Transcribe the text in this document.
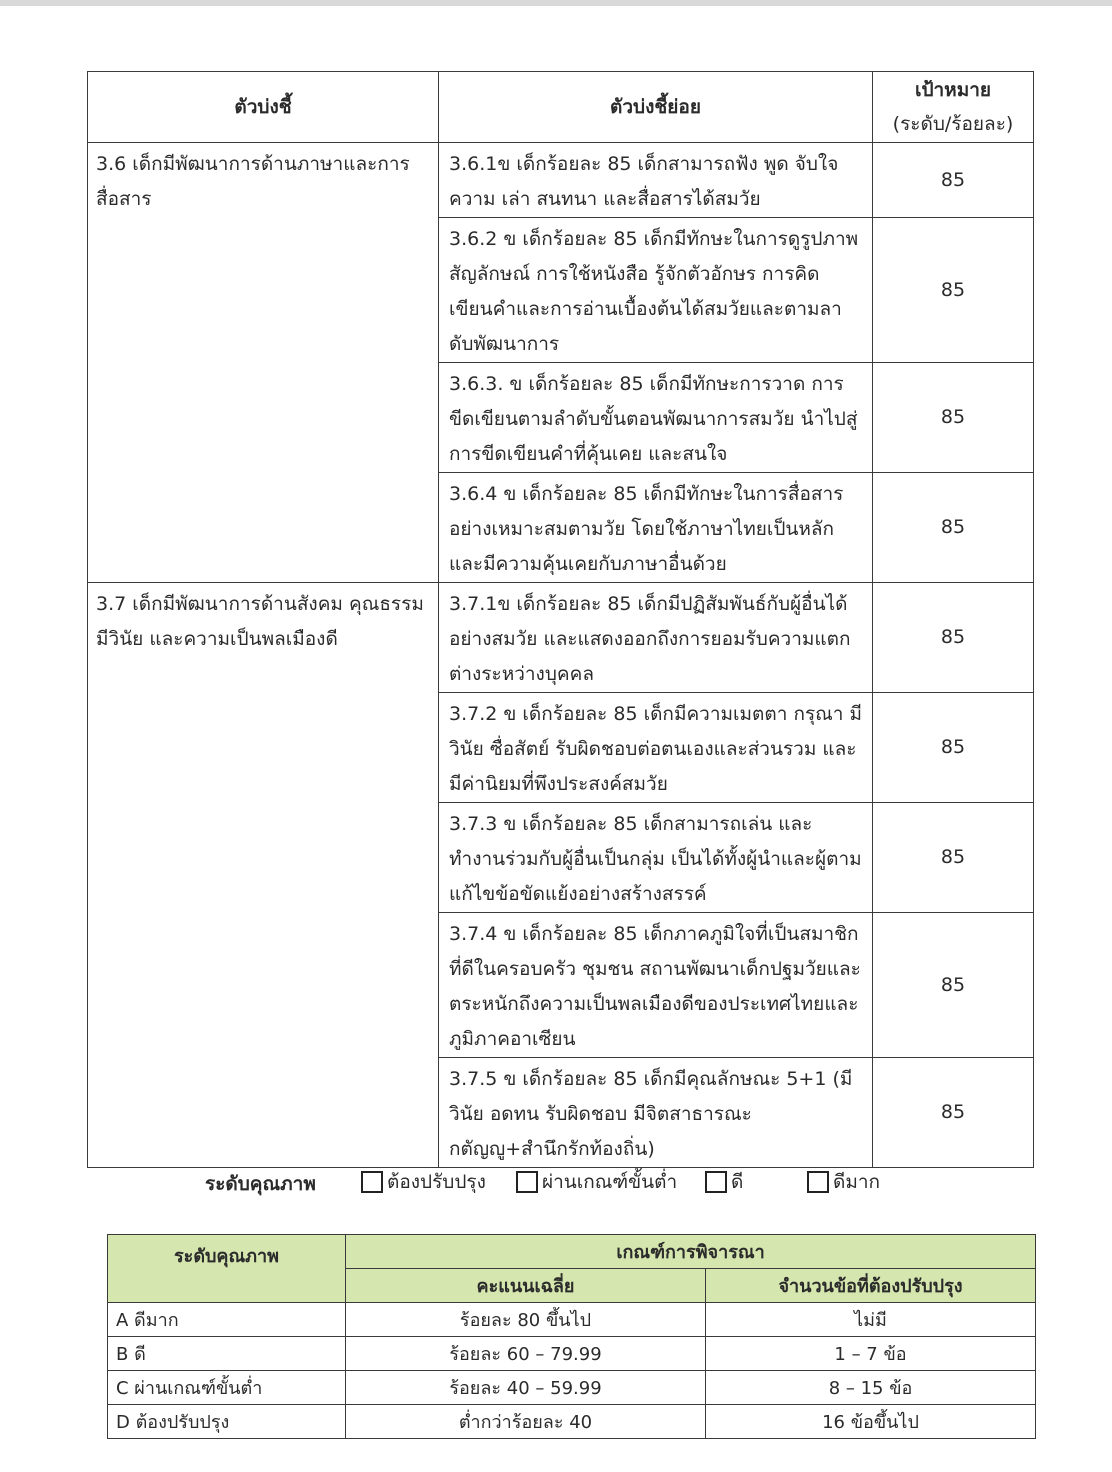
ตัวบ่งชี้	ตัวบ่งชี้ย่อย	เป้าหมาย
(ระดับ/ร้อยละ)

3.6 เด็กมีพัฒนาการด้านภาษาและการสื่อสาร	3.6.1ข เด็กร้อยละ 85 เด็กสามารถฟัง พูด จับใจความ เล่า สนทนา และสื่อสารได้สมวัย	85
	3.6.2 ข เด็กร้อยละ 85 เด็กมีทักษะในการดูรูปภาพ สัญลักษณ์ การใช้หนังสือ รู้จักตัวอักษร การคิดเขียนคำและการอ่านเบื้องต้นได้สมวัยและตามลาดับพัฒนาการ	85
	3.6.3. ข เด็กร้อยละ 85 เด็กมีทักษะการวาด การขีดเขียนตามลำดับขั้นตอนพัฒนาการสมวัย นำไปสู่การขีดเขียนคำที่คุ้นเคย และสนใจ	85
	3.6.4 ข เด็กร้อยละ 85 เด็กมีทักษะในการสื่อสารอย่างเหมาะสมตามวัย โดยใช้ภาษาไทยเป็นหลักและมีความคุ้นเคยกับภาษาอื่นด้วย	85
3.7 เด็กมีพัฒนาการด้านสังคม คุณธรรม มีวินัย และความเป็นพลเมืองดี	3.7.1ข เด็กร้อยละ 85 เด็กมีปฏิสัมพันธ์กับผู้อื่นได้อย่างสมวัย และแสดงออกถึงการยอมรับความแตกต่างระหว่างบุคคล	85
	3.7.2 ข เด็กร้อยละ 85 เด็กมีความเมตตา กรุณา มีวินัย ซื่อสัตย์ รับผิดชอบต่อตนเองและส่วนรวม และมีค่านิยมที่พึงประสงค์สมวัย	85
	3.7.3 ข เด็กร้อยละ 85 เด็กสามารถเล่น และทำงานร่วมกับผู้อื่นเป็นกลุ่ม เป็นได้ทั้งผู้นำและผู้ตาม แก้ไขข้อขัดแย้งอย่างสร้างสรรค์	85
	3.7.4 ข เด็กร้อยละ 85 เด็กภาคภูมิใจที่เป็นสมาชิกที่ดีในครอบครัว ชุมชน สถานพัฒนาเด็กปฐมวัยและตระหนักถึงความเป็นพลเมืองดีของประเทศไทยและภูมิภาคอาเซียน	85
	3.7.5 ข เด็กร้อยละ 85 เด็กมีคุณลักษณะ 5+1 (มีวินัย อดทน รับผิดชอบ มีจิตสาธารณะ กตัญญู+สำนึกรักท้องถิ่น)	85
ระดับคุณภาพ	ต้องปรับปรุง	ผ่านเกณฑ์ขั้นต่ำ	ดี	ดีมาก
ระดับคุณภาพ	เกณฑ์การพิจารณา	
	คะแนนเฉลี่ย	จำนวนข้อที่ต้องปรับปรุง
A ดีมาก	ร้อยละ 80 ขึ้นไป	ไม่มี
B ดี	ร้อยละ 60 – 79.99	1 – 7 ข้อ
C ผ่านเกณฑ์ขั้นต่ำ	ร้อยละ 40 – 59.99	8 – 15 ข้อ
D ต้องปรับปรุง	ต่ำกว่าร้อยละ 40	16 ข้อขึ้นไป
